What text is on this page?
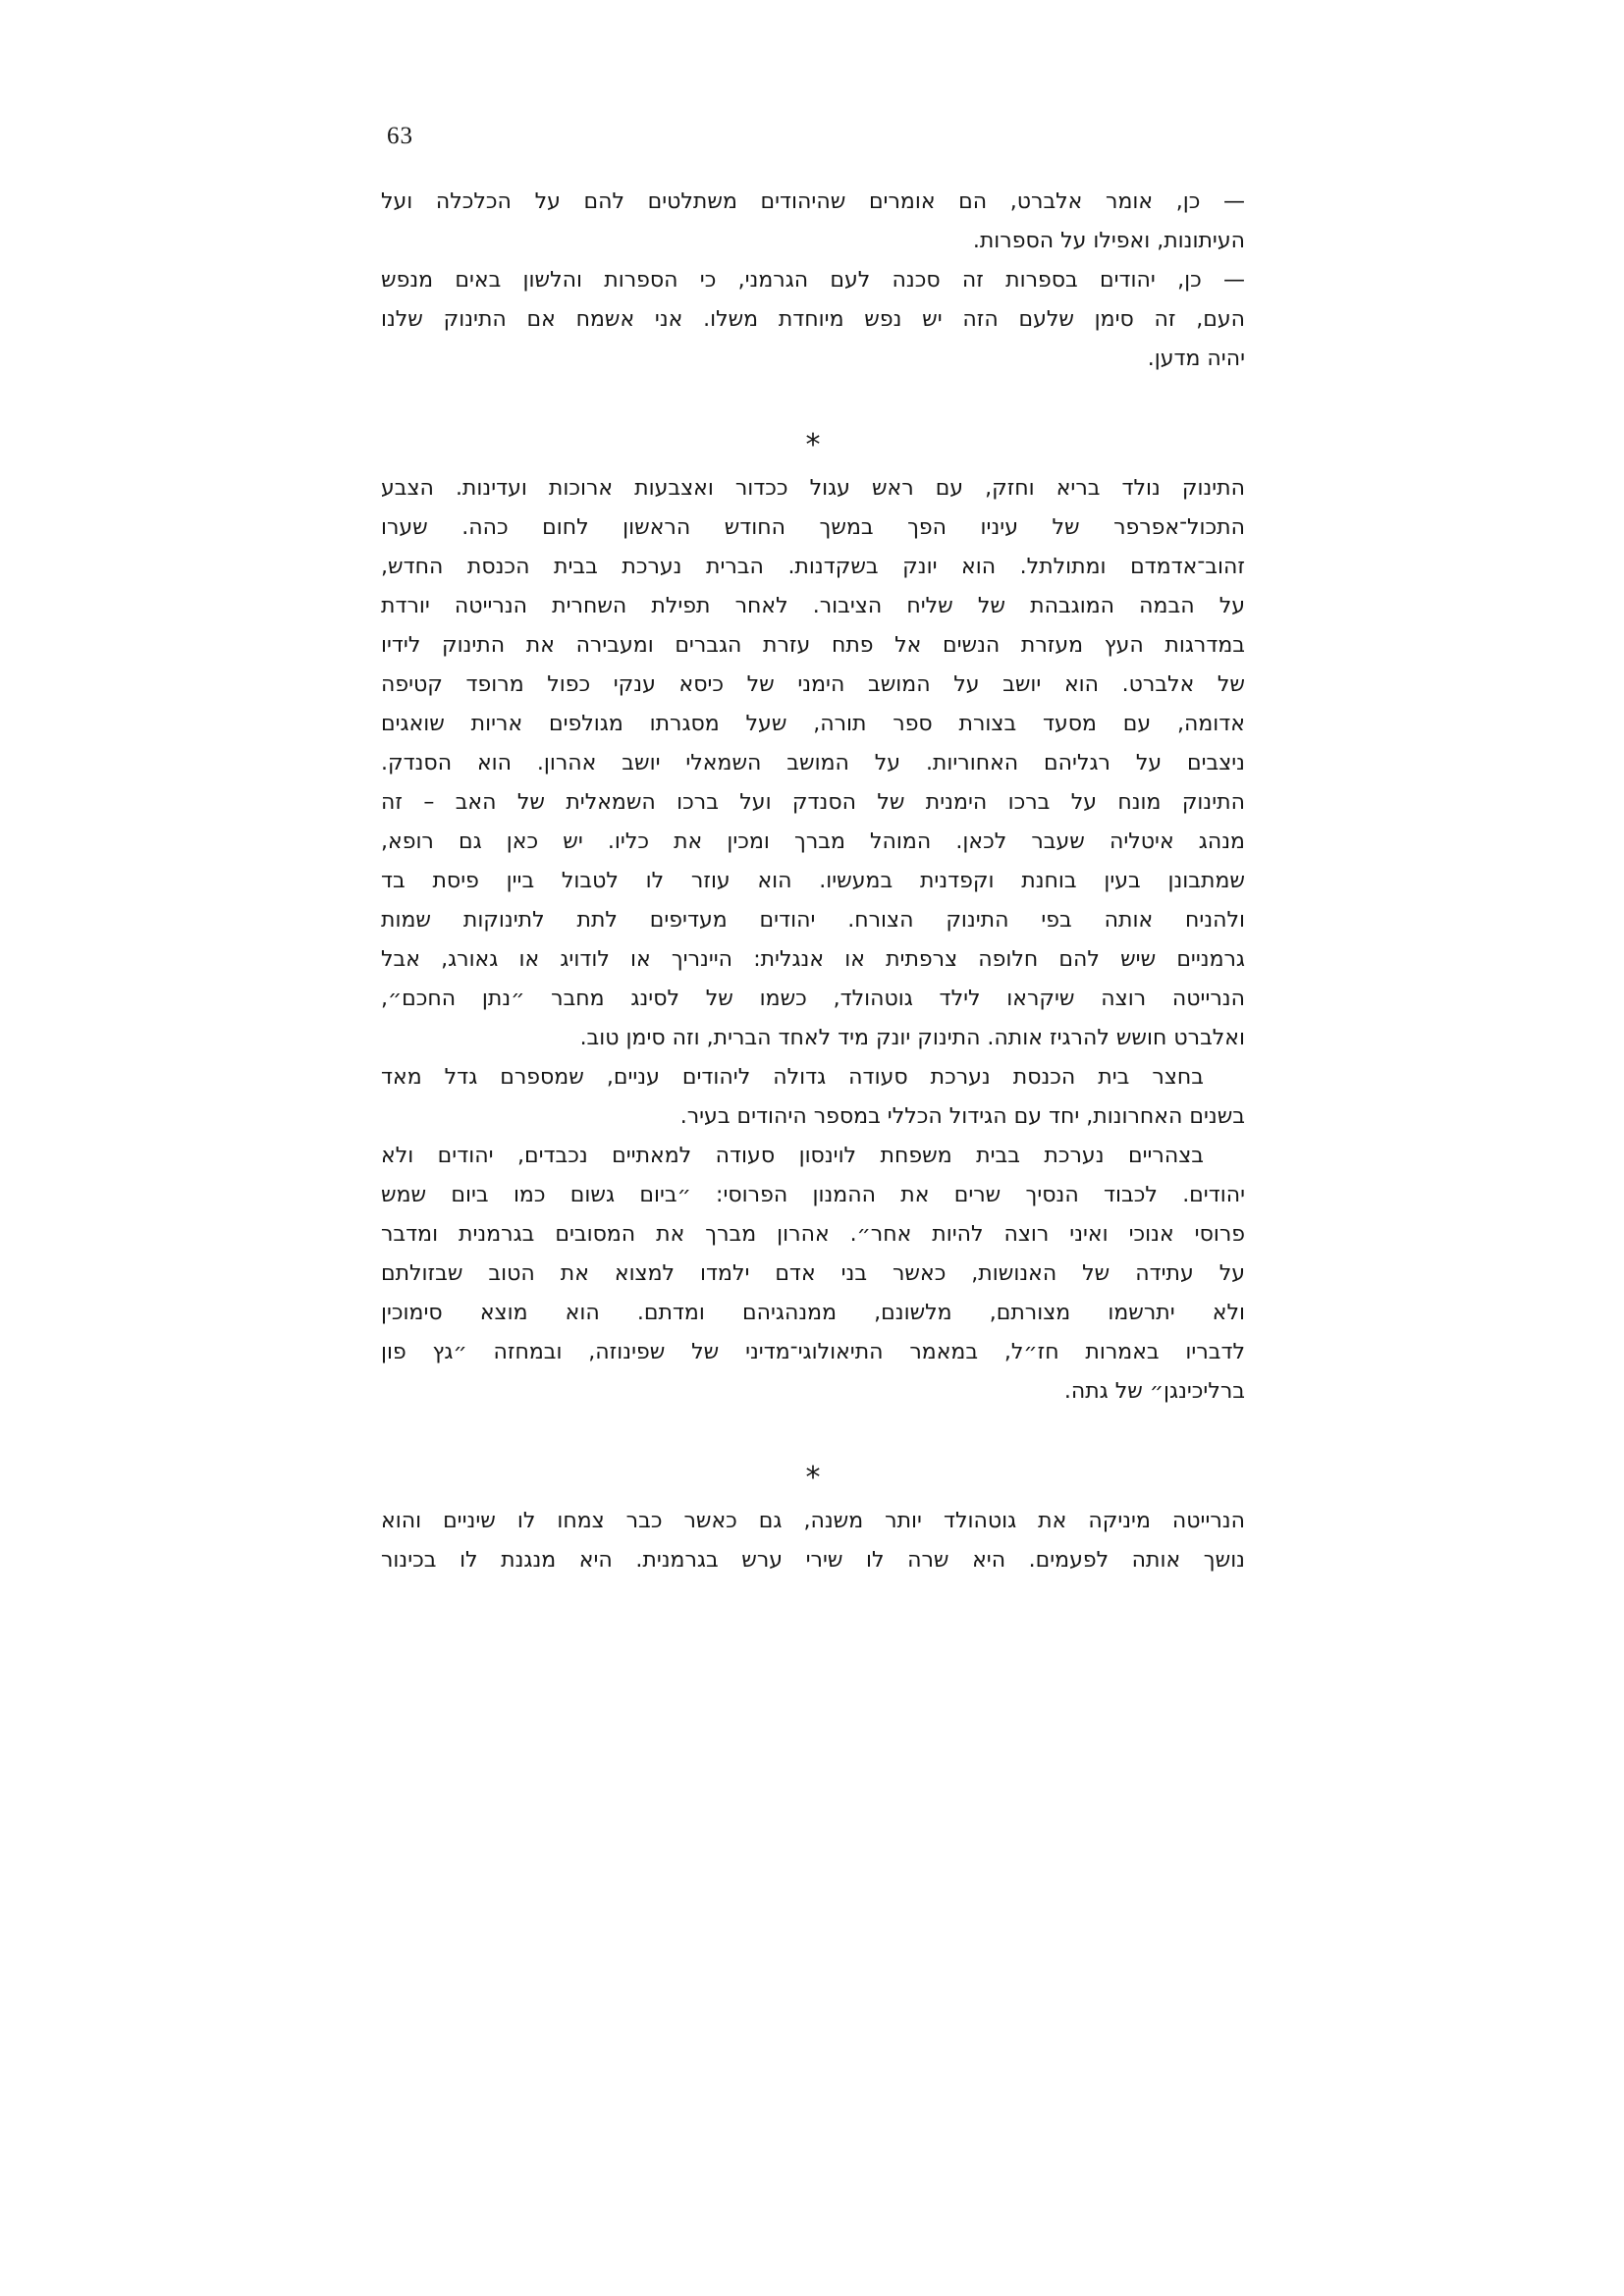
63
— כן, אומר אלברט, הם אומרים שהיהודים משתלטים להם על הכלכלה ועל
העיתונות, ואפילו על הספרות.
— כן, יהודים בספרות זה סכנה לעם הגרמני, כי הספרות והלשון באים מנפש
העם, זה סימן שלעם הזה יש נפש מיוחדת משלו. אני אשמח אם התינוק שלנו
יהיה מדען.
*
התינוק נולד בריא וחזק, עם ראש עגול ככדור ואצבעות ארוכות ועדינות. הצבע
התכול־אפרפר של עיניו הפך במשך החודש הראשון לחום כהה. שערו
זהוב־אדמדם ומתולתל. הוא יונק בשקדנות. הברית נערכת בבית הכנסת החדש,
על הבמה המוגבהת של שליח הציבור. לאחר תפילת השחרית הנרייטה יורדת
במדרגות העץ מעזרת הנשים אל פתח עזרת הגברים ומעבירה את התינוק לידיו
של אלברט. הוא יושב על המושב הימני של כיסא ענקי כפול מרופד קטיפה
אדומה, עם מסעד בצורת ספר תורה, שעל מסגרתו מגולפים אריות שואגים
ניצבים על רגליהם האחוריות. על המושב השמאלי יושב אהרון. הוא הסנדק.
התינוק מונח על ברכו הימנית של הסנדק ועל ברכו השמאלית של האב – זה
מנהג איטליה שעבר לכאן. המוהל מברך ומכין את כליו. יש כאן גם רופא,
שמתבונן בעין בוחנת וקפדנית במעשיו. הוא עוזר לו לטבול ביין פיסת בד
ולהניח אותה בפי התינוק הצורח. יהודים מעדיפים לתת לתינוקות שמות
גרמניים שיש להם חלופה צרפתית או אנגלית: היינריך או לודויג או גאורג, אבל
הנרייטה רוצה שיקראו לילד גוטהולד, כשמו של לסינג מחבר ״נתן החכם״,
ואלברט חושש להרגיז אותה. התינוק יונק מיד לאחד הברית, וזה סימן טוב.
בחצר בית הכנסת נערכת סעודה גדולה ליהודים עניים, שמספרם גדל מאד
בשנים האחרונות, יחד עם הגידול הכללי במספר היהודים בעיר.
בצהריים נערכת בבית משפחת לוינסון סעודה למאתיים נכבדים, יהודים ולא
יהודים. לכבוד הנסיך שרים את ההמנון הפרוסי: ״ביום גשום כמו ביום שמש
פרוסי אנוכי ואיני רוצה להיות אחר״. אהרון מברך את המסובים בגרמנית ומדבר
על עתידה של האנושות, כאשר בני אדם ילמדו למצוא את הטוב שבזולתם
ולא יתרשמו מצורתם, מלשונם, ממנהגיהם ומדתם. הוא מוצא סימוכין
לדבריו באמרות חז״ל, במאמר התיאולוגי־מדיני של שפינוזה, ובמחזה ״גץ פון
ברליכינגן״ של גתה.
*
הנרייטה מיניקה את גוטהולד יותר משנה, גם כאשר כבר צמחו לו שיניים והוא
נושך אותה לפעמים. היא שרה לו שירי ערש בגרמנית. היא מנגנת לו בכינור
